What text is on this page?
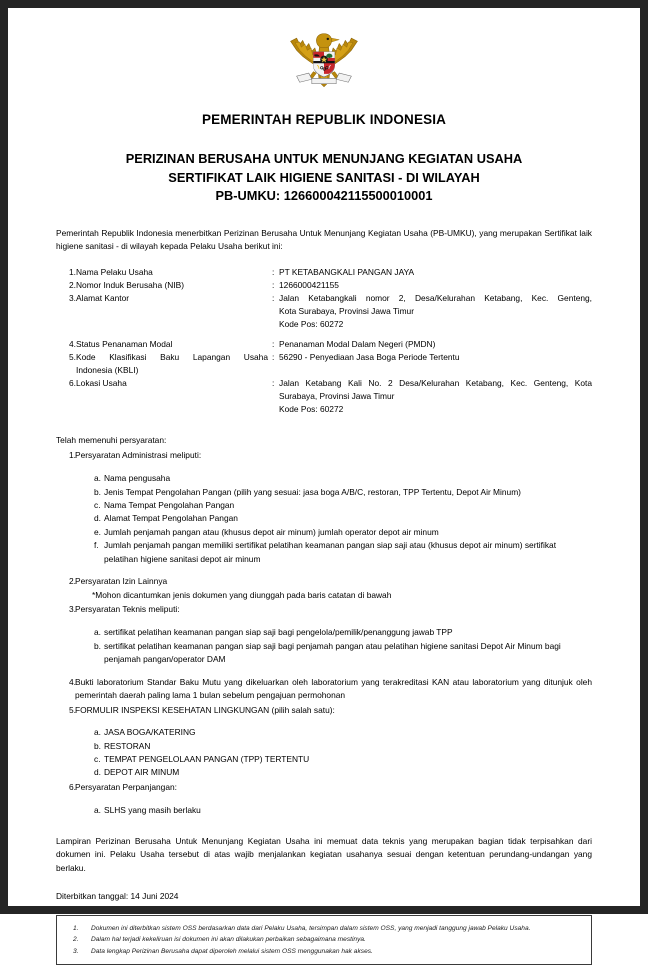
PEMERINTAH REPUBLIK INDONESIA
PERIZINAN BERUSAHA UNTUK MENUNJANG KEGIATAN USAHA
SERTIFIKAT LAIK HIGIENE SANITASI - DI WILAYAH
PB-UMKU: 126600042115500010001

Pemerintah Republik Indonesia menerbitkan Perizinan Berusaha Untuk Menunjang Kegiatan Usaha (PB-UMKU), yang merupakan Sertifikat laik higiene sanitasi - di wilayah kepada Pelaku Usaha berikut ini:

1. Nama Pelaku Usaha	: PT KETABANGKALI PANGAN JAYA
2. Nomor Induk Berusaha (NIB)	: 1266000421155
3. Alamat Kantor	: Jalan Ketabangkali nomor 2, Desa/Kelurahan Ketabang, Kec. Genteng,
Kota Surabaya, Provinsi Jawa Timur
Kode Pos: 60272
4. Status Penanaman Modal	: Penanaman Modal Dalam Negeri (PMDN)
5. Kode Klasifikasi Baku Lapangan Usaha
Indonesia (KBLI)
: 56290 - Penyediaan Jasa Boga Periode Tertentu
6. Lokasi Usaha	: Jalan Ketabang Kali No. 2 Desa/Kelurahan Ketabang, Kec. Genteng, Kota
Surabaya, Provinsi Jawa Timur
Kode Pos: 60272
Telah memenuhi persyaratan:
1. Persyaratan Administrasi meliputi:
a. Nama pengusaha
b. Jenis Tempat Pengolahan Pangan (pilih yang sesuai: jasa boga A/B/C, restoran, TPP Tertentu, Depot Air Minum)
c. Nama Tempat Pengolahan Pangan
d. Alamat Tempat Pengolahan Pangan
e. Jumlah penjamah pangan atau (khusus depot air minum) jumlah operator depot air minum
f. Jumlah penjamah pangan memiliki sertifikat pelatihan keamanan pangan siap saji atau (khusus depot air minum) sertifikat pelatihan higiene sanitasi depot air minum
2. Persyaratan Izin Lainnya
*Mohon dicantumkan jenis dokumen yang diunggah pada baris catatan di bawah
3. Persyaratan Teknis meliputi:
a. sertifikat pelatihan keamanan pangan siap saji bagi pengelola/pemilik/penanggung jawab TPP
b. sertifikat pelatihan keamanan pangan siap saji bagi penjamah pangan atau pelatihan higiene sanitasi Depot Air Minum bagi penjamah pangan/operator DAM
4. Bukti laboratorium Standar Baku Mutu yang dikeluarkan oleh laboratorium yang terakreditasi KAN atau laboratorium yang ditunjuk oleh pemerintah daerah paling lama 1 bulan sebelum pengajuan permohonan
5. FORMULIR INSPEKSI KESEHATAN LINGKUNGAN (pilih salah satu):
a. JASA BOGA/KATERING
b. RESTORAN
c. TEMPAT PENGELOLAAN PANGAN (TPP) TERTENTU
d. DEPOT AIR MINUM
6. Persyaratan Perpanjangan:
a. SLHS yang masih berlaku

Lampiran Perizinan Berusaha Untuk Menunjang Kegiatan Usaha ini memuat data teknis yang merupakan bagian tidak terpisahkan dari dokumen ini. Pelaku Usaha tersebut di atas wajib menjalankan kegiatan usahanya sesuai dengan ketentuan perundang-undangan yang berlaku.

Diterbitkan tanggal: 14 Juni 2024
1.	Dokumen ini diterbitkan sistem OSS berdasarkan data dari Pelaku Usaha, tersimpan dalam sistem OSS, yang menjadi tanggung jawab Pelaku Usaha.
2.	Dalam hal terjadi kekeliruan isi dokumen ini akan dilakukan perbaikan sebagaimana mestinya.
3.	Data lengkap Perizinan Berusaha dapat diperoleh melalui sistem OSS menggunakan hak akses.
